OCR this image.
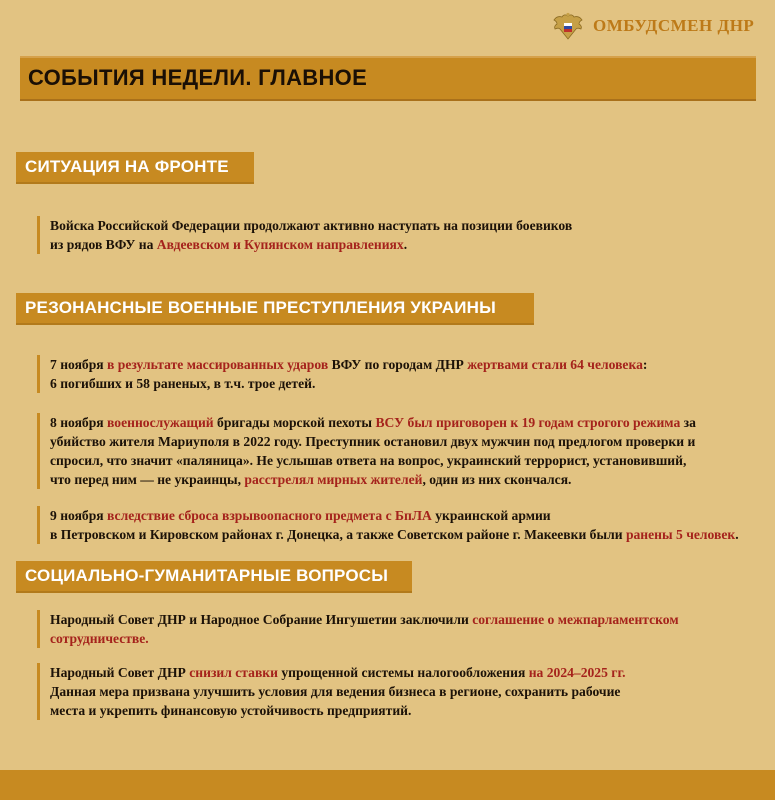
ОМБУДСМЕН ДНР
СОБЫТИЯ НЕДЕЛИ. ГЛАВНОЕ
СИТУАЦИЯ НА ФРОНТЕ
Войска Российской Федерации продолжают активно наступать на позиции боевиков
из рядов ВФУ на Авдеевском и Купянском направлениях.
РЕЗОНАНСНЫЕ ВОЕННЫЕ ПРЕСТУПЛЕНИЯ УКРАИНЫ
7 ноября в результате массированных ударов ВФУ по городам ДНР жертвами стали 64 человека:
6 погибших и 58 раненых, в т.ч. трое детей.
8 ноября военнослужащий бригады морской пехоты ВСУ был приговорен к 19 годам строгого режима за
убийство жителя Мариуполя в 2022 году. Преступник остановил двух мужчин под предлогом проверки и
спросил, что значит «паляница». Не услышав ответа на вопрос, украинский террорист, установивший,
что перед ним — не украинцы, расстрелял мирных жителей, один из них скончался.
9 ноября вследствие сброса взрывоопасного предмета с БпЛА украинской армии
в Петровском и Кировском районах г. Донецка, а также Советском районе г. Макеевки были ранены 5 человек.
СОЦИАЛЬНО-ГУМАНИТАРНЫЕ ВОПРОСЫ
Народный Совет ДНР и Народное Собрание Ингушетии заключили соглашение о межпарламентском
сотрудничестве.
Народный Совет ДНР снизил ставки упрощенной системы налогообложения на 2024–2025 гг.
Данная мера призвана улучшить условия для ведения бизнеса в регионе, сохранить рабочие
места и укрепить финансовую устойчивость предприятий.
